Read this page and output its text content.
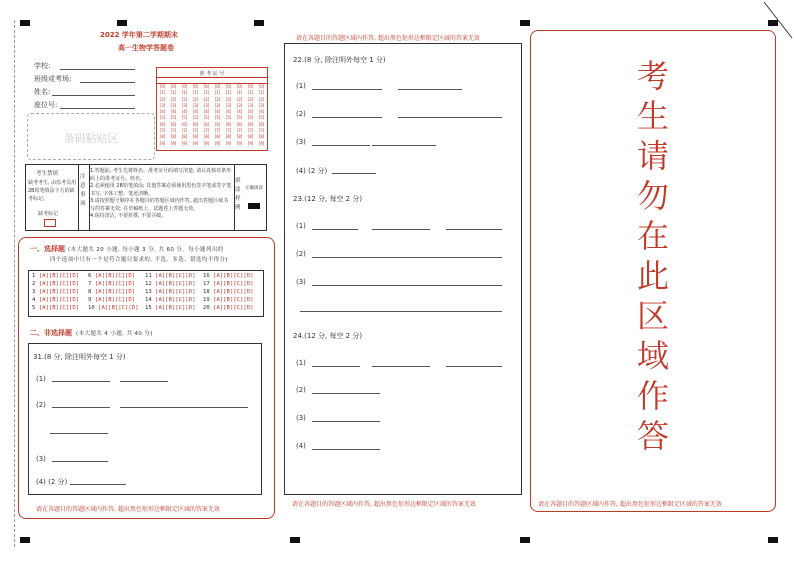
2022 学年第二学期期末
高一生物学答题卷
学校:
班级或考场:
姓名:
座位号:
条码粘贴区
准 考 证 号
[0]
[1]
[2]
[3]
[4]
[5]
[6]
[7]
[8]
[9]

[0]
[1]
[2]
[3]
[4]
[5]
[6]
[7]
[8]
[9]

[0]
[1]
[2]
[3]
[4]
[5]
[6]
[7]
[8]
[9]

[0]
[1]
[2]
[3]
[4]
[5]
[6]
[7]
[8]
[9]

[0]
[1]
[2]
[3]
[4]
[5]
[6]
[7]
[8]
[9]

[0]
[1]
[2]
[3]
[4]
[5]
[6]
[7]
[8]
[9]

[0]
[1]
[2]
[3]
[4]
[5]
[6]
[7]
[8]
[9]

[0]
[1]
[2]
[3]
[4]
[5]
[6]
[7]
[8]
[9]

[0]
[1]
[2]
[3]
[4]
[5]
[6]
[7]
[8]
[9]

[0]
[1]
[2]
[3]
[4]
[5]
[6]
[7]
[8]
[9]

考生禁填
缺考考生, 由监考员用 2B铅笔填涂下方的缺考标记。
缺考标记
注意事项
1.答题前, 考生先将姓名、准考证号码填写清楚, 请认真核对条形码上的准考证号、姓名。
2.必须使用 2B铅笔填涂; 其他答案必须使用黑色签字笔或签字笔书写, 字体工整、笔迹清晰。
3.请按照题号顺序在各题目的答题区域内作答, 超出答题区域书写的答案无效; 在草稿纸上、试题卷上答题无效。
4.保持清洁, 不要折叠, 不要弄破。
填涂样例
正确填涂
一、选择题 (本大题共 20 小题, 每小题 3 分, 共 60 分。每小题列出的
四个选项中只有一个是符合题目要求的, 不选、多选、错选均不得分)
1 [A][B][C][D]
2 [A][B][C][D]
3 [A][B][C][D]
4 [A][B][C][D]
5 [A][B][C][D]
6 [A][B][C][D]
7 [A][B][C][D]
8 [A][B][C][D]
9 [A][B][C][D]
10 [A][B][C][D]
11 [A][B][C][D]
12 [A][B][C][D]
13 [A][B][C][D]
14 [A][B][C][D]
15 [A][B][C][D]
16 [A][B][C][D]
17 [A][B][C][D]
18 [A][B][C][D]
19 [A][B][C][D]
20 [A][B][C][D]
二、非选择题 (本大题共 4 小题, 共 40 分)
31.(8 分, 除注明外每空 1 分)
(1)
(2)
(3)
(4) (2 分)
请在各题目的答题区域内作答, 超出黑色矩形边框限定区域的答案无效
请在各题目的答题区域内作答, 超出黑色矩形边框限定区域的答案无效
22.(8 分, 除注明外每空 1 分)
(1)
(2)
(3)
(4) (2 分)
23.(12 分, 每空 2 分)
(1)
(2)
(3)
24.(12 分, 每空 2 分)
(1)
(2)
(3)
(4)
请在各题目的答题区域内作答, 超出黑色矩形边框限定区域的答案无效
考
生
请
勿
在
此
区
域
作
答
请在各题目的答题区域内作答, 超出黑色矩形边框限定区域的答案无效
